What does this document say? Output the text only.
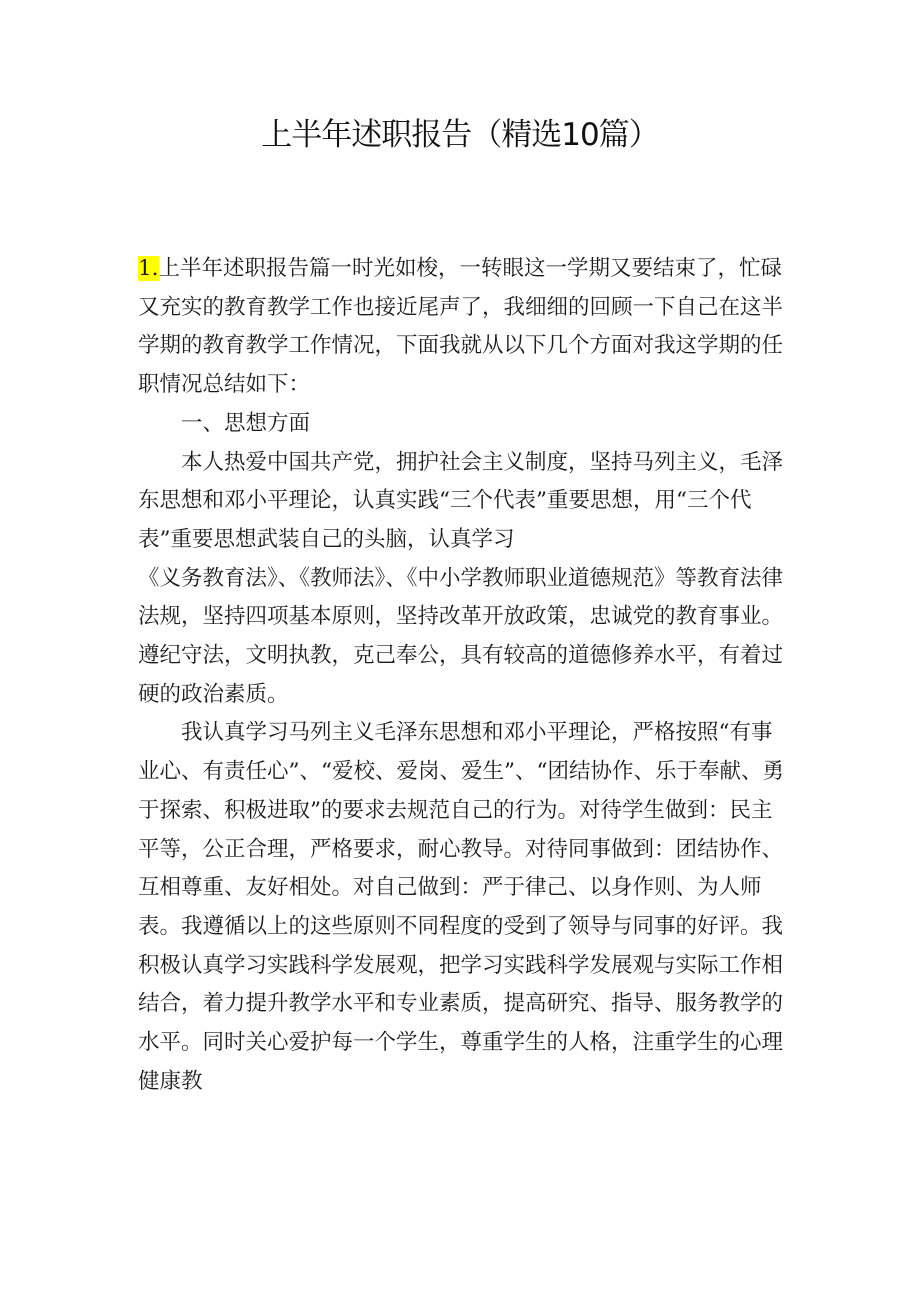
上半年述职报告（精选10篇）

1.上半年述职报告篇一时光如梭，一转眼这一学期又要结束了，忙碌又充实的教育教学工作也接近尾声了，我细细的回顾一下自己在这半学期的教育教学工作情况，下面我就从以下几个方面对我这学期的任职情况总结如下：

一、思想方面

本人热爱中国共产党，拥护社会主义制度，坚持马列主义，毛泽东思想和邓小平理论，认真实践“三个代表”重要思想，用“三个代表”重要思想武装自己的头脑，认真学习

《义务教育法》、《教师法》、《中小学教师职业道德规范》等教育法律法规，坚持四项基本原则，坚持改革开放政策，忠诚党的教育事业。遵纪守法，文明执教，克己奉公，具有较高的道德修养水平，有着过硬的政治素质。

我认真学习马列主义毛泽东思想和邓小平理论，严格按照“有事业心、有责任心”、“爱校、爱岗、爱生”、“团结协作、乐于奉献、勇于探索、积极进取”的要求去规范自己的行为。对待学生做到：民主平等，公正合理，严格要求，耐心教导。对待同事做到：团结协作、互相尊重、友好相处。对自己做到：严于律己、以身作则、为人师表。我遵循以上的这些原则不同程度的受到了领导与同事的好评。我积极认真学习实践科学发展观，把学习实践科学发展观与实际工作相结合，着力提升教学水平和专业素质，提高研究、指导、服务教学的水平。同时关心爱护每一个学生，尊重学生的人格，注重学生的心理健康教
